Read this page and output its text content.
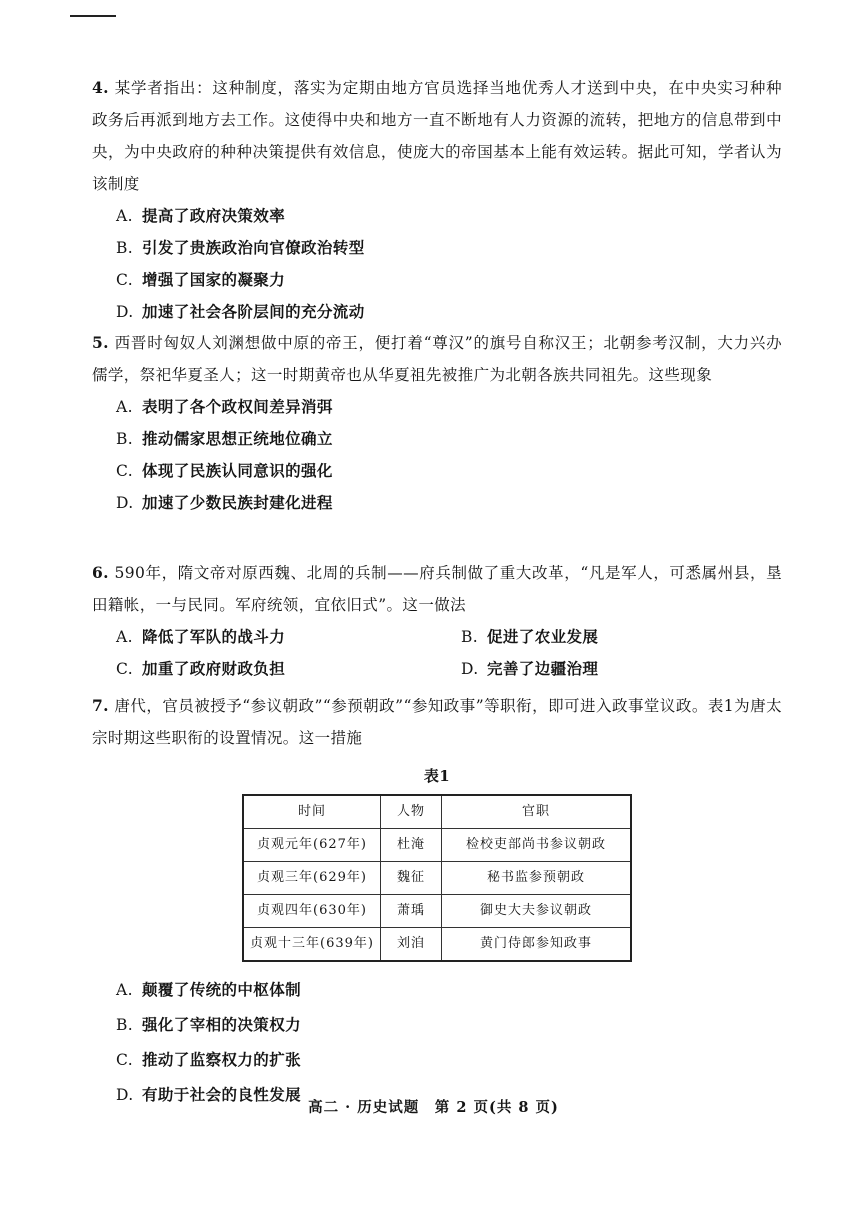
4. 某学者指出：这种制度，落实为定期由地方官员选择当地优秀人才送到中央，在中央实习种种政务后再派到地方去工作。这使得中央和地方一直不断地有人力资源的流转，把地方的信息带到中央，为中央政府的种种决策提供有效信息，使庞大的帝国基本上能有效运转。据此可知，学者认为该制度

A. 提高了政府决策效率
B. 引发了贵族政治向官僚政治转型
C. 增强了国家的凝聚力
D. 加速了社会各阶层间的充分流动

5. 西晋时匈奴人刘渊想做中原的帝王，便打着“尊汉”的旗号自称汉王；北朝参考汉制，大力兴办儒学，祭祀华夏圣人；这一时期黄帝也从华夏祖先被推广为北朝各族共同祖先。这些现象

A. 表明了各个政权间差异消弭
B. 推动儒家思想正统地位确立
C. 体现了民族认同意识的强化
D. 加速了少数民族封建化进程

6. 590年，隋文帝对原西魏、北周的兵制——府兵制做了重大改革，“凡是军人，可悉属州县，垦田籍帐，一与民同。军府统领，宜依旧式”。这一做法

A. 降低了军队的战斗力	B. 促进了农业发展
C. 加重了政府财政负担	D. 完善了边疆治理

7. 唐代，官员被授予“参议朝政”“参预朝政”“参知政事”等职衔，即可进入政事堂议政。表1为唐太宗时期这些职衔的设置情况。这一措施

表1
时间	人物	官职
贞观元年(627年)	杜淹	检校吏部尚书参议朝政
贞观三年(629年)	魏征	秘书监参预朝政
贞观四年(630年)	萧瑀	御史大夫参议朝政
贞观十三年(639年)	刘洎	黄门侍郎参知政事
A. 颠覆了传统的中枢体制
B. 强化了宰相的决策权力
C. 推动了监察权力的扩张
D. 有助于社会的良性发展
高二 · 历史试题　第 2 页(共 8 页)
